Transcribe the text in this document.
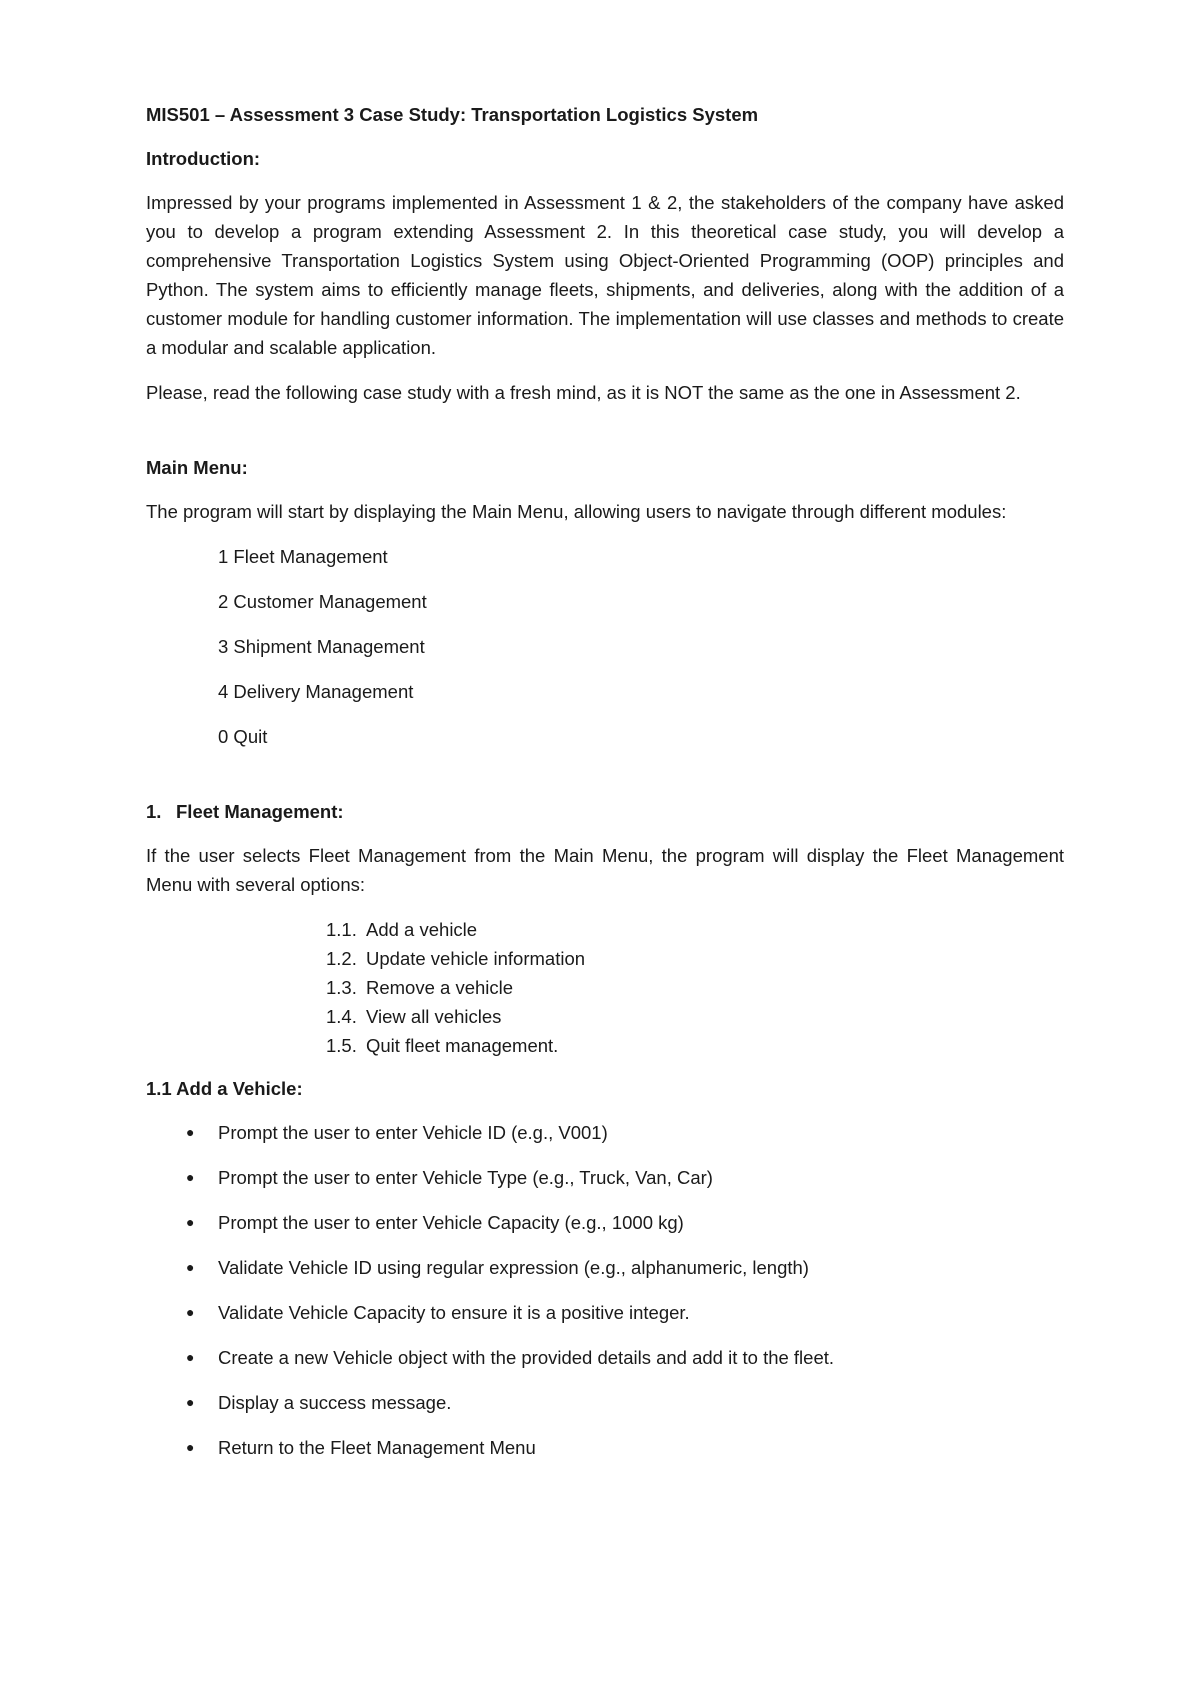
MIS501 – Assessment 3 Case Study: Transportation Logistics System
Introduction:

Impressed by your programs implemented in Assessment 1 & 2, the stakeholders of the company have asked you to develop a program extending Assessment 2. In this theoretical case study, you will develop a comprehensive Transportation Logistics System using Object-Oriented Programming (OOP) principles and Python. The system aims to efficiently manage fleets, shipments, and deliveries, along with the addition of a customer module for handling customer information. The implementation will use classes and methods to create a modular and scalable application.

Please, read the following case study with a fresh mind, as it is NOT the same as the one in Assessment 2.

Main Menu:

The program will start by displaying the Main Menu, allowing users to navigate through different modules:

1 Fleet Management
2 Customer Management
3 Shipment Management
4 Delivery Management
0 Quit
1. Fleet Management:

If the user selects Fleet Management from the Main Menu, the program will display the Fleet Management Menu with several options:

1.1. Add a vehicle
1.2. Update vehicle information
1.3. Remove a vehicle
1.4. View all vehicles
1.5. Quit fleet management.
1.1 Add a Vehicle:
● Prompt the user to enter Vehicle ID (e.g., V001)
● Prompt the user to enter Vehicle Type (e.g., Truck, Van, Car)
● Prompt the user to enter Vehicle Capacity (e.g., 1000 kg)
● Validate Vehicle ID using regular expression (e.g., alphanumeric, length)
● Validate Vehicle Capacity to ensure it is a positive integer.
● Create a new Vehicle object with the provided details and add it to the fleet.
● Display a success message.
● Return to the Fleet Management Menu
